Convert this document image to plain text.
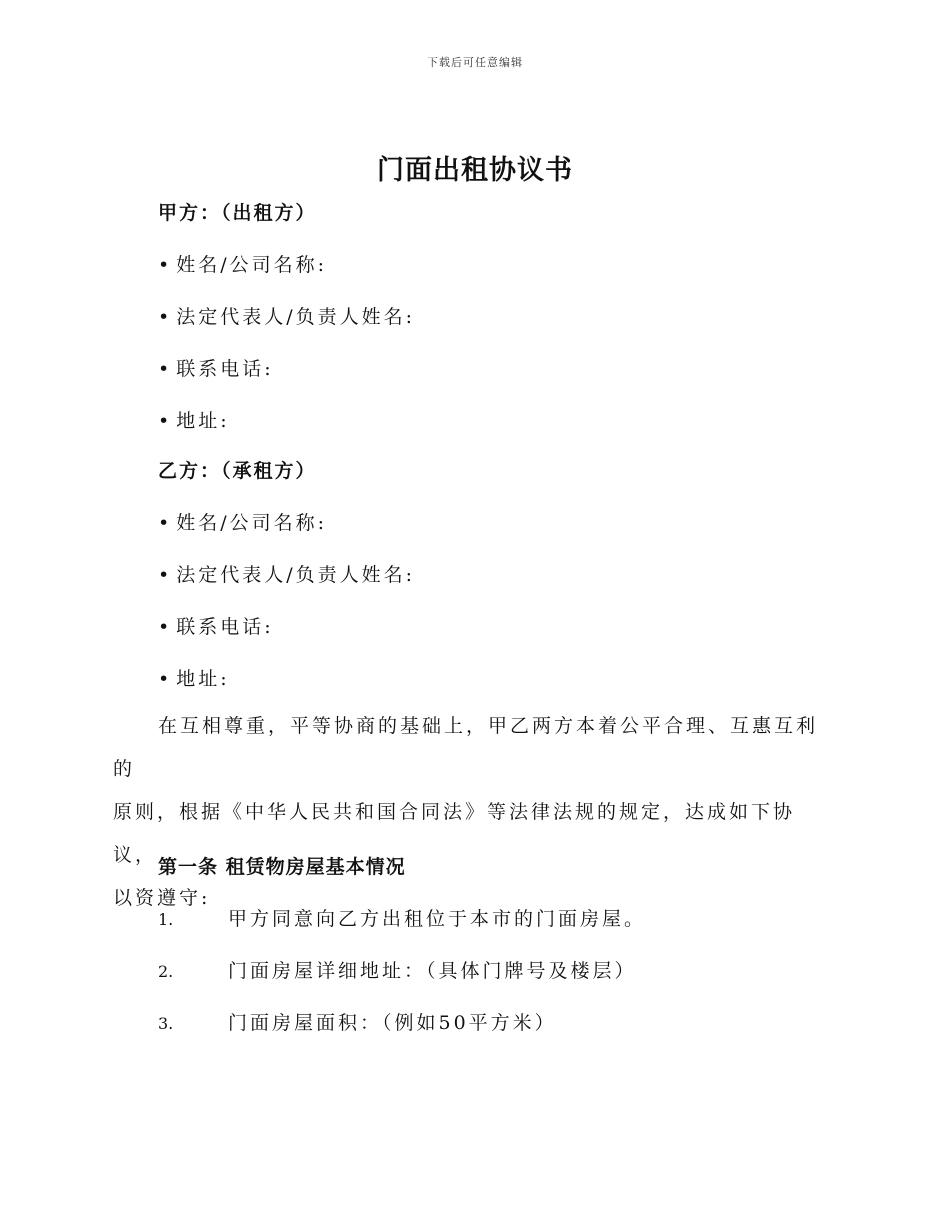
下载后可任意编辑
门面出租协议书
甲方：（出租方）
• 姓名/公司名称:
• 法定代表人/负责人姓名:
• 联系电话:
• 地址:
乙方：（承租方）
• 姓名/公司名称:
• 法定代表人/负责人姓名:
• 联系电话:
• 地址:
在互相尊重，平等协商的基础上，甲乙两方本着公平合理、互惠互利的
原则，根据《中华人民共和国合同法》等法律法规的规定，达成如下协议，
以资遵守:
第一条 租赁物房屋基本情况
1.	甲方同意向乙方出租位于本市的门面房屋。
2.	门面房屋详细地址：（具体门牌号及楼层）
3.	门面房屋面积：（例如50平方米）
